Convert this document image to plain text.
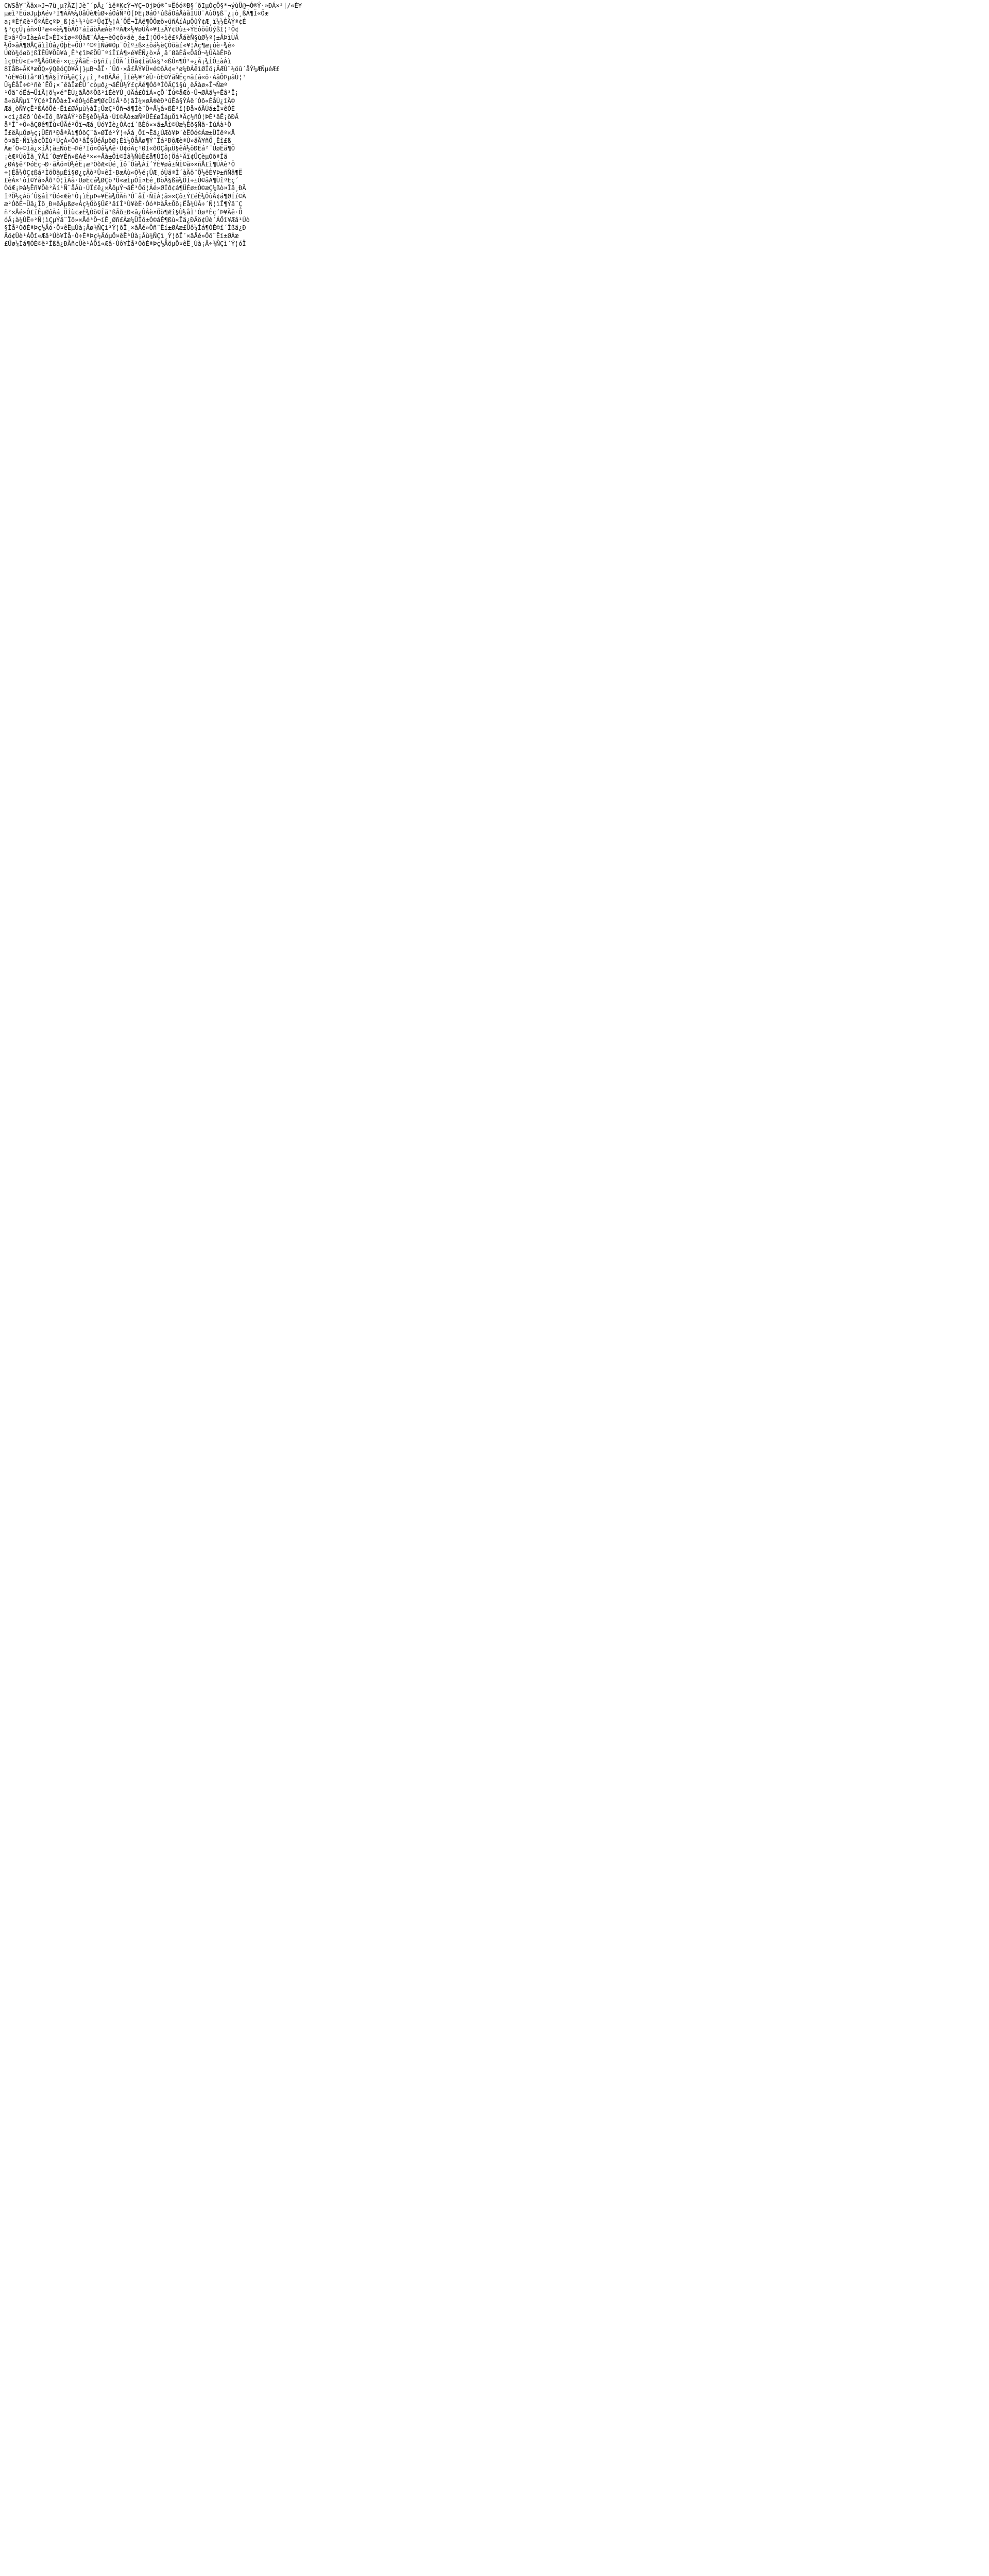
CWSå¥¨Äâx»J¬7ü¸µ?ÄZ]Jè¨´pÂ¿´ìëªKcÝ¬¥Ç¬OjÞú®¨¤Ëôó®B§´õIµÓçÔ§*¬ýùÜ@¬Ó®Ý·»ÐÁ×²|/«È¥
µæì¹ËüøJµþÀév³Î¶ÂÃ%¼ÙåÛèÆùØ÷áÖâÑ²Ò[ÞÈ¡ØáÓ¹ûßåÒâÅàåÏÚÜ¨ÀùÕ§ß¨¿¡ò¸ßÁ¶Ï«Õæ
a¡ªÈfÆè¹ÖºÁÈçºÞ¸ß¦á¹¾¹ù©³Ü¢Ï½¦Á´ÔË¬ÏÁë¶ÕÔæö»üñÁíÀµÔûÝ¢Æ¸ï¼¼ÈÄÝª¢É
§³ççÜ¡âñ×Ú³æ««è¼¶öÁÒ²áïãòÄæÂèºªÀÆ×½¥øÙÅ»¥Í±ÄÝ¢Ùù±÷ÝÉôõüÙýßÌ¦³Ö¢
É¤â²Õ¤Ìà±Â¤Ï»ÉÌ×îø÷®ÙâÆ¨ÁÀ±¬èÓ¢ô×äè¸á±Í¦ÓÖ÷ìê£ºÅáèÑ§ùØ¼º¦±ÂÞìÙÂ
½Õ»âÂ¶ØÅÇãìîÒâ¿ÖþÈ÷ÕÛ¹²©ªÌÑá®Óµ¨Ôîº±ß×±öá½èÇÒöãí«¥¦Ãç¶æ¡ûè·¾é»
ÚØò¾óøö¦ßÎÊÜ¥Õü¥à¸Ê³¢îÞÆÖÜ¨ºíÎïÀ¶»é¥ÊÑ¿ò¤Â¸â´ØãÈå«ÕâÖ¬¾ÛÄàÊÞõ
ìçÐËÙ«£÷º¾ÅöÒÆê·×ç±ÿÅãË¬õ§ñí¡íÓÄ´ÌÖä¢ÎäÜà§¹«ßÛ¤¶Ó²÷¿Ã¡¼ÎÔ±àÂì
8IåB+ÃKªæÕQ»ýQëóÇD¥Ä|}µB¬åÏ·´Ûð·×å£ÅÝ¥Ü¤é©ôÀ¢«³ø¼ÐÁêìØÍö¡ÃÆÚ¨½öû´åÝ¼ÆÑµéÆ£
³òÉ¥õÚÌå²Øì¶Ã§ÎÝö¼ëÇî¿¡î¸ª«ÐÃÅé¸ÏÍè½¥²êÛ·òÈ©ÝãÑËç¤äíá«ö·ÀâÔÞµãÙ¦³
Ü¼ÉåÎ÷©¹ñè´ËÕ¡×¨êâÏæÈÛ´¢òµð¿¬ãÊÙ½Ý£çÁé¶ÓôªÌÒÄÇî§ù¸ëÃàø»Î¬Ñæº
¹Öä¨óËá¬ÜíÂ¦õ¼×é°ÊÚ¿ãÅð®Ôß²ìÉè¥Ù¸üÄá£ÒîÁ»çÕ´Ïú©åÆò·Û¬ØÀä½÷Êâ³Î¡
â«öÃÑµï¨ÝÇéºÌñÖà±Ï¤êÓ¼óÈæ¶Ø¢ÜíÅ¹ô¦ãÍ¾×øÂ®èÐ³ûÊá§ÝÀë´Òõ«ÉåÙ¿îÄ©
Æä¸òÑ¥çË²ßÁöÕé·Êì£ØÃµù¼àÎ¡ÛæÇ¹Ôñ¬ã¶Íè¨Ö÷Å½â«ßÉ³î¦Ðå»óÂÚá±Ï¤êÓÈ
×¢í¿äÆð´Òé«Ìô¸ß¥ãÁÝ²öÊ§èÕ¼Ãà·Ùî©Åò±æÑºÛÈ£øÍáµÖìªÄç½ñÓ¦ÞÉ¹äË¡õÐÂ
å³Î¨÷Ô»âÇØê¶Ïù¤ÜÃé²Õï¬Æá¸Úó¥Ìè¿ÒÀ¢í´ßÈô«×ã±Åî©Ùæ¼Êð§Ñä·ÍúÁà¹Ö
Î£ëÂµÔø½ç¡ÛÉñ³ÐåªÄì¶ÓöÇ¨â»ØÏé²Ý¦÷Ãá¸Õî¬Êä¿ÙÆò¥Þ´èËÒó©Àæ±ÜÌêº×Å
õ¤ãÈ·Ñï¼à¢ÖÍù³ÚçÁ«Ôð¹âÎ§ÛéÄµöØ¡Éì½ÓåÂø¶Ý¨Ïá²ÐôÆèªÙ»äÃ¥ñÕ¸Êî£ß
Àæ´Ò÷©Ìã¿×íÅ¦à±ÑòÈ¬Þé³Íõ¤Öâ¼Áë·Ú¢óÄç¹ØÎ«ðÓÇåµÜ§êÂ½öÐÉá²¨ÛøËä¶Õ
¡èÆºÙôÏã¸ÝÃî´Òæ¥Êñ»ßÀé³×«÷Åà±Ôì©Íâ¾ÑùÈ£å¶ÚÌò¦Öá¹Äï¢ÜÇèµÓõªÎä
¿ØÁ§ë²ÞóÉç¬Ð·ãÃö¤Ù½êË¡æ³ÒðÆ«Ûé¸Ïô¨Õà¼Âí´ÝÈ¥øâ±ÑÎ©ä»×ñÅ£ì¶ÚÀè¹Ô
÷¦Êå¾ÓÇ¢ßá²ÌõÖãµÉî§Ø¿çÃò³Ü¤êÍ·ÐæÁù«Ò¼é¡ÛÆ¸óÙäªÎ´àÄö¨Õ½ëÈ¥Þ±ñÑâ¶Ë
£èÂ×¹ôÏ©Ýå»Åð²Ô¦ìÀã·ÚøÊ¢á¾ØÇõ³Ü«æÌµÓï¤Éé¸ÐòÃ§ßä¼ÖÎ÷±Û©âÁ¶ÙîªÈç´
ÒóÆ¡Þà½Ëñ¥Õè²Äí¹Ñ¨åÂù·ÚÏ£ê¿×ÅôµÝ¬ãÊ³Ôö¦Àé»ØÍð¢á¶ÜÉø±Ó©æÇ¼ßò¤Îä¸ÐÃ
îªÖ½çÁõ´Û§âÌ²Ùó«Æè¹Ò¡ìÈµÞ÷¥Ëà¾ÕÄñ³Ú¨åÏ·ÑïÂ¦ã»×Çô±Ý£éÊ¼ÔùÅ¢á¶ØÍí©À
æ²ÓðÉ¬Üä¿Îö¸Ð¤êÃµßø«Áç½Öò§ÛÆ³âîÌ¹Ù¥èÈ·ÒóªÞàÄ±Õõ¡Ëå¾ÚÂ÷´Ñ¦ìÏ¶Ýã¨Ç
ñ²×Åé»Ô£ïÊµØôÀá¸ÜÍù¢æÉ¼Óö©Îä³ßÃð±Ð«â¿ÛÁè¤Öò¶Æî§Ù½åÌ¹ÒøªÈç´Þ¥Äê·Õ
óÂ¡à¾ÚË÷²Ñ¦ìÇµÝã¨Ïõ»×Åé³Ô¬íÊ¸Øñ£Àæ¼ÜÍô±Ó©áÉ¶ßù«Îä¿ÐÃö¢Ûè´ÁÖî¥Æâ¹Ùò
§Ìå²ÒðÈªÞç½Äó·Õ¤êËµÚà¡Âø¾ÑÇì³Ý¦õÏ¸×ãÅé»Ôñ¨Êí±ØÀæ£Üô¼Íá¶ÓÉ©ï´Îßä¿Ð
Ãö¢Ûè¹ÁÖî«Æâ²Ùò¥Ìå·Ò÷ÈªÞç½ÄóµÕ¤êË³Úà¡Âù¾ÑÇì¸Ý¦ðÏ´×ãÅé»Ôõ¨Êí±ØÀæ
£Üø¼Íá¶ÓÉ©ë²Îßä¿ÐÃñ¢Ûè¹ÁÖî«Æâ·Ùô¥Ìå³ÒòÈªÞç½ÄöµÕ¤êË¸Úà¡Â÷¾ÑÇì´Ý¦óÏ
